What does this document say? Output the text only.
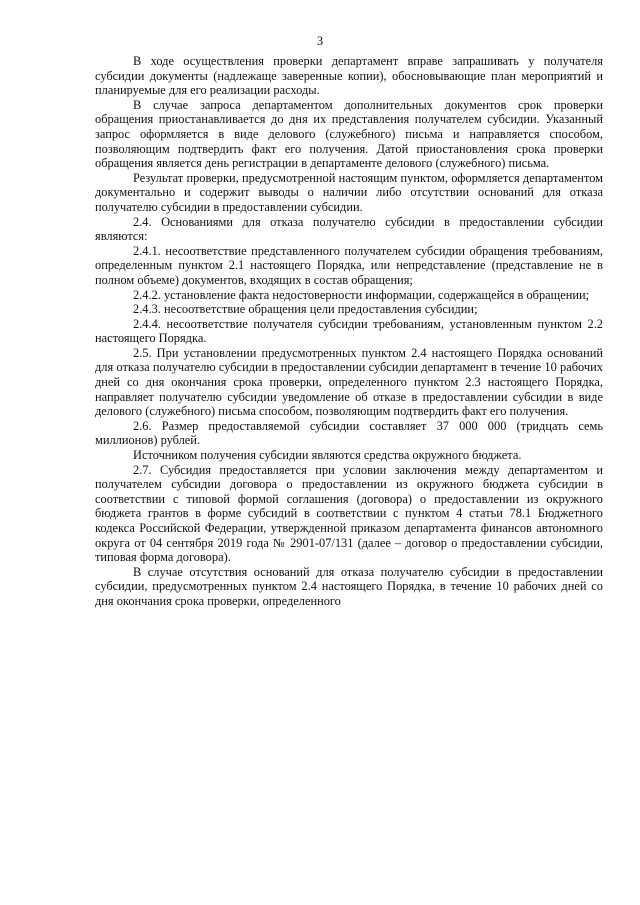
3

В ходе осуществления проверки департамент вправе запрашивать у получателя субсидии документы (надлежаще заверенные копии), обосновывающие план мероприятий и планируемые для его реализации расходы.

В случае запроса департаментом дополнительных документов срок проверки обращения приостанавливается до дня их представления получателем субсидии. Указанный запрос оформляется в виде делового (служебного) письма и направляется способом, позволяющим подтвердить факт его получения. Датой приостановления срока проверки обращения является день регистрации в департаменте делового (служебного) письма.

Результат проверки, предусмотренной настоящим пунктом, оформляется департаментом документально и содержит выводы о наличии либо отсутствии оснований для отказа получателю субсидии в предоставлении субсидии.

2.4. Основаниями для отказа получателю субсидии в предоставлении субсидии являются:

2.4.1. несоответствие представленного получателем субсидии обращения требованиям, определенным пунктом 2.1 настоящего Порядка, или непредставление (представление не в полном объеме) документов, входящих в состав обращения;

2.4.2. установление факта недостоверности информации, содержащейся в обращении;

2.4.3. несоответствие обращения цели предоставления субсидии;

2.4.4. несоответствие получателя субсидии требованиям, установленным пунктом 2.2 настоящего Порядка.

2.5. При установлении предусмотренных пунктом 2.4 настоящего Порядка оснований для отказа получателю субсидии в предоставлении субсидии департамент в течение 10 рабочих дней со дня окончания срока проверки, определенного пунктом 2.3 настоящего Порядка, направляет получателю субсидии уведомление об отказе в предоставлении субсидии в виде делового (служебного) письма способом, позволяющим подтвердить факт его получения.

2.6. Размер предоставляемой субсидии составляет 37 000 000 (тридцать семь миллионов) рублей.

Источником получения субсидии являются средства окружного бюджета.

2.7. Субсидия предоставляется при условии заключения между департаментом и получателем субсидии договора о предоставлении из окружного бюджета субсидии в соответствии с типовой формой соглашения (договора) о предоставлении из окружного бюджета грантов в форме субсидий в соответствии с пунктом 4 статьи 78.1 Бюджетного кодекса Российской Федерации, утвержденной приказом департамента финансов автономного округа от 04 сентября 2019 года № 2901-07/131 (далее – договор о предоставлении субсидии, типовая форма договора).

В случае отсутствия оснований для отказа получателю субсидии в предоставлении субсидии, предусмотренных пунктом 2.4 настоящего Порядка, в течение 10 рабочих дней со дня окончания срока проверки, определенного
